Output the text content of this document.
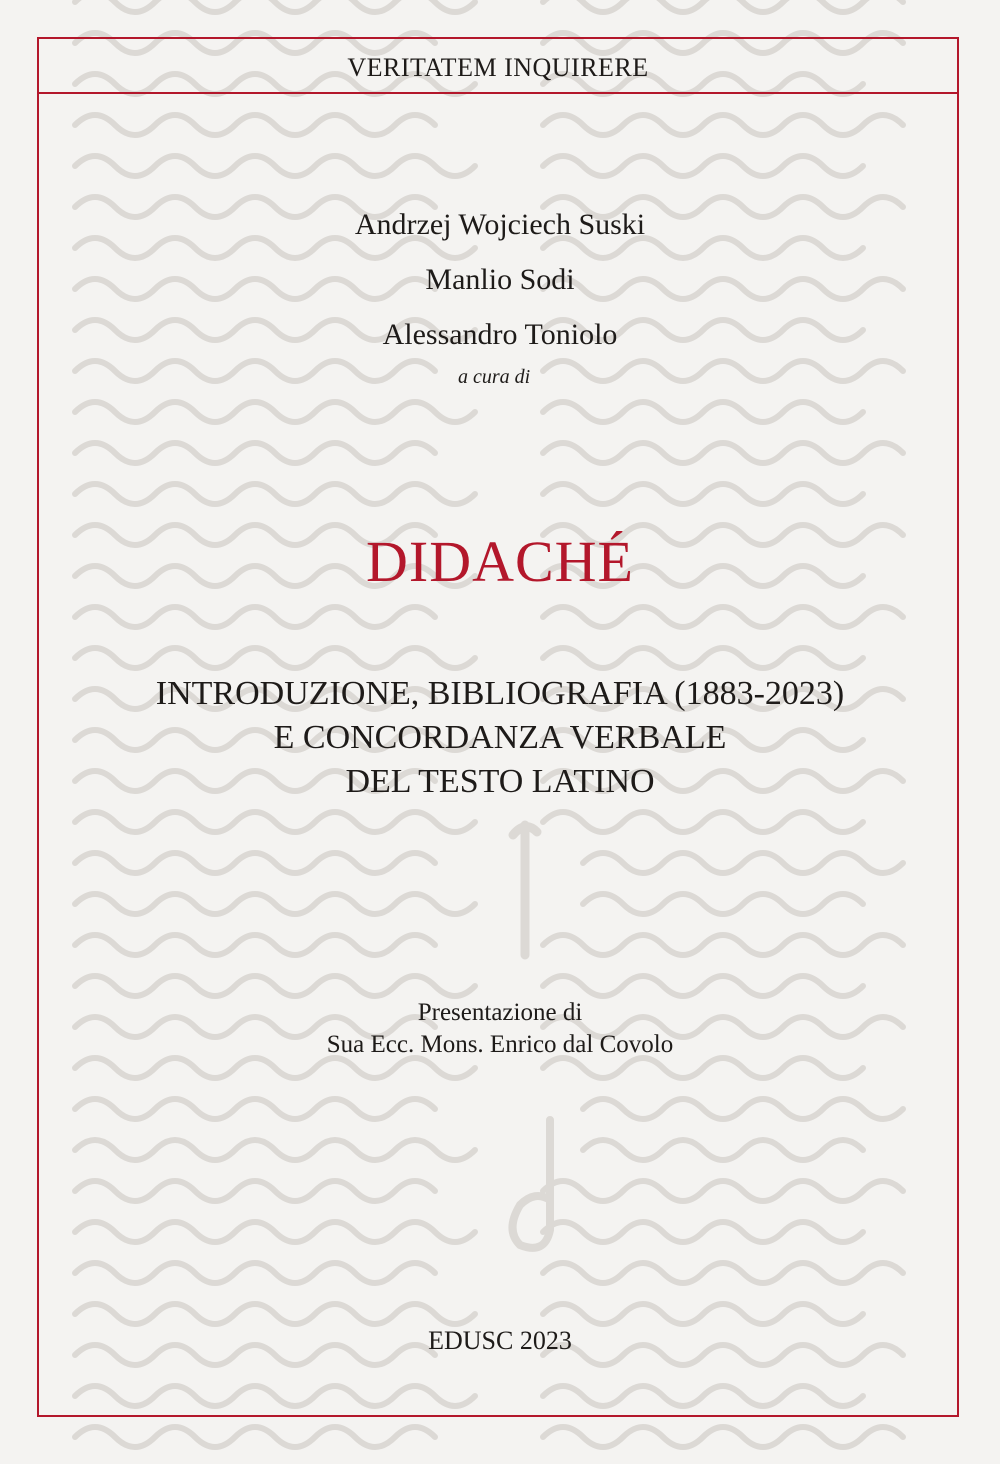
VERITATEM INQUIRERE
Andrzej Wojciech Suski
Manlio Sodi
Alessandro Toniolo
a cura di
DIDACHÉ
INTRODUZIONE, BIBLIOGRAFIA (1883-2023)
E CONCORDANZA VERBALE
DEL TESTO LATINO
Presentazione di
Sua Ecc. Mons. Enrico dal Covolo
EDUSC 2023
